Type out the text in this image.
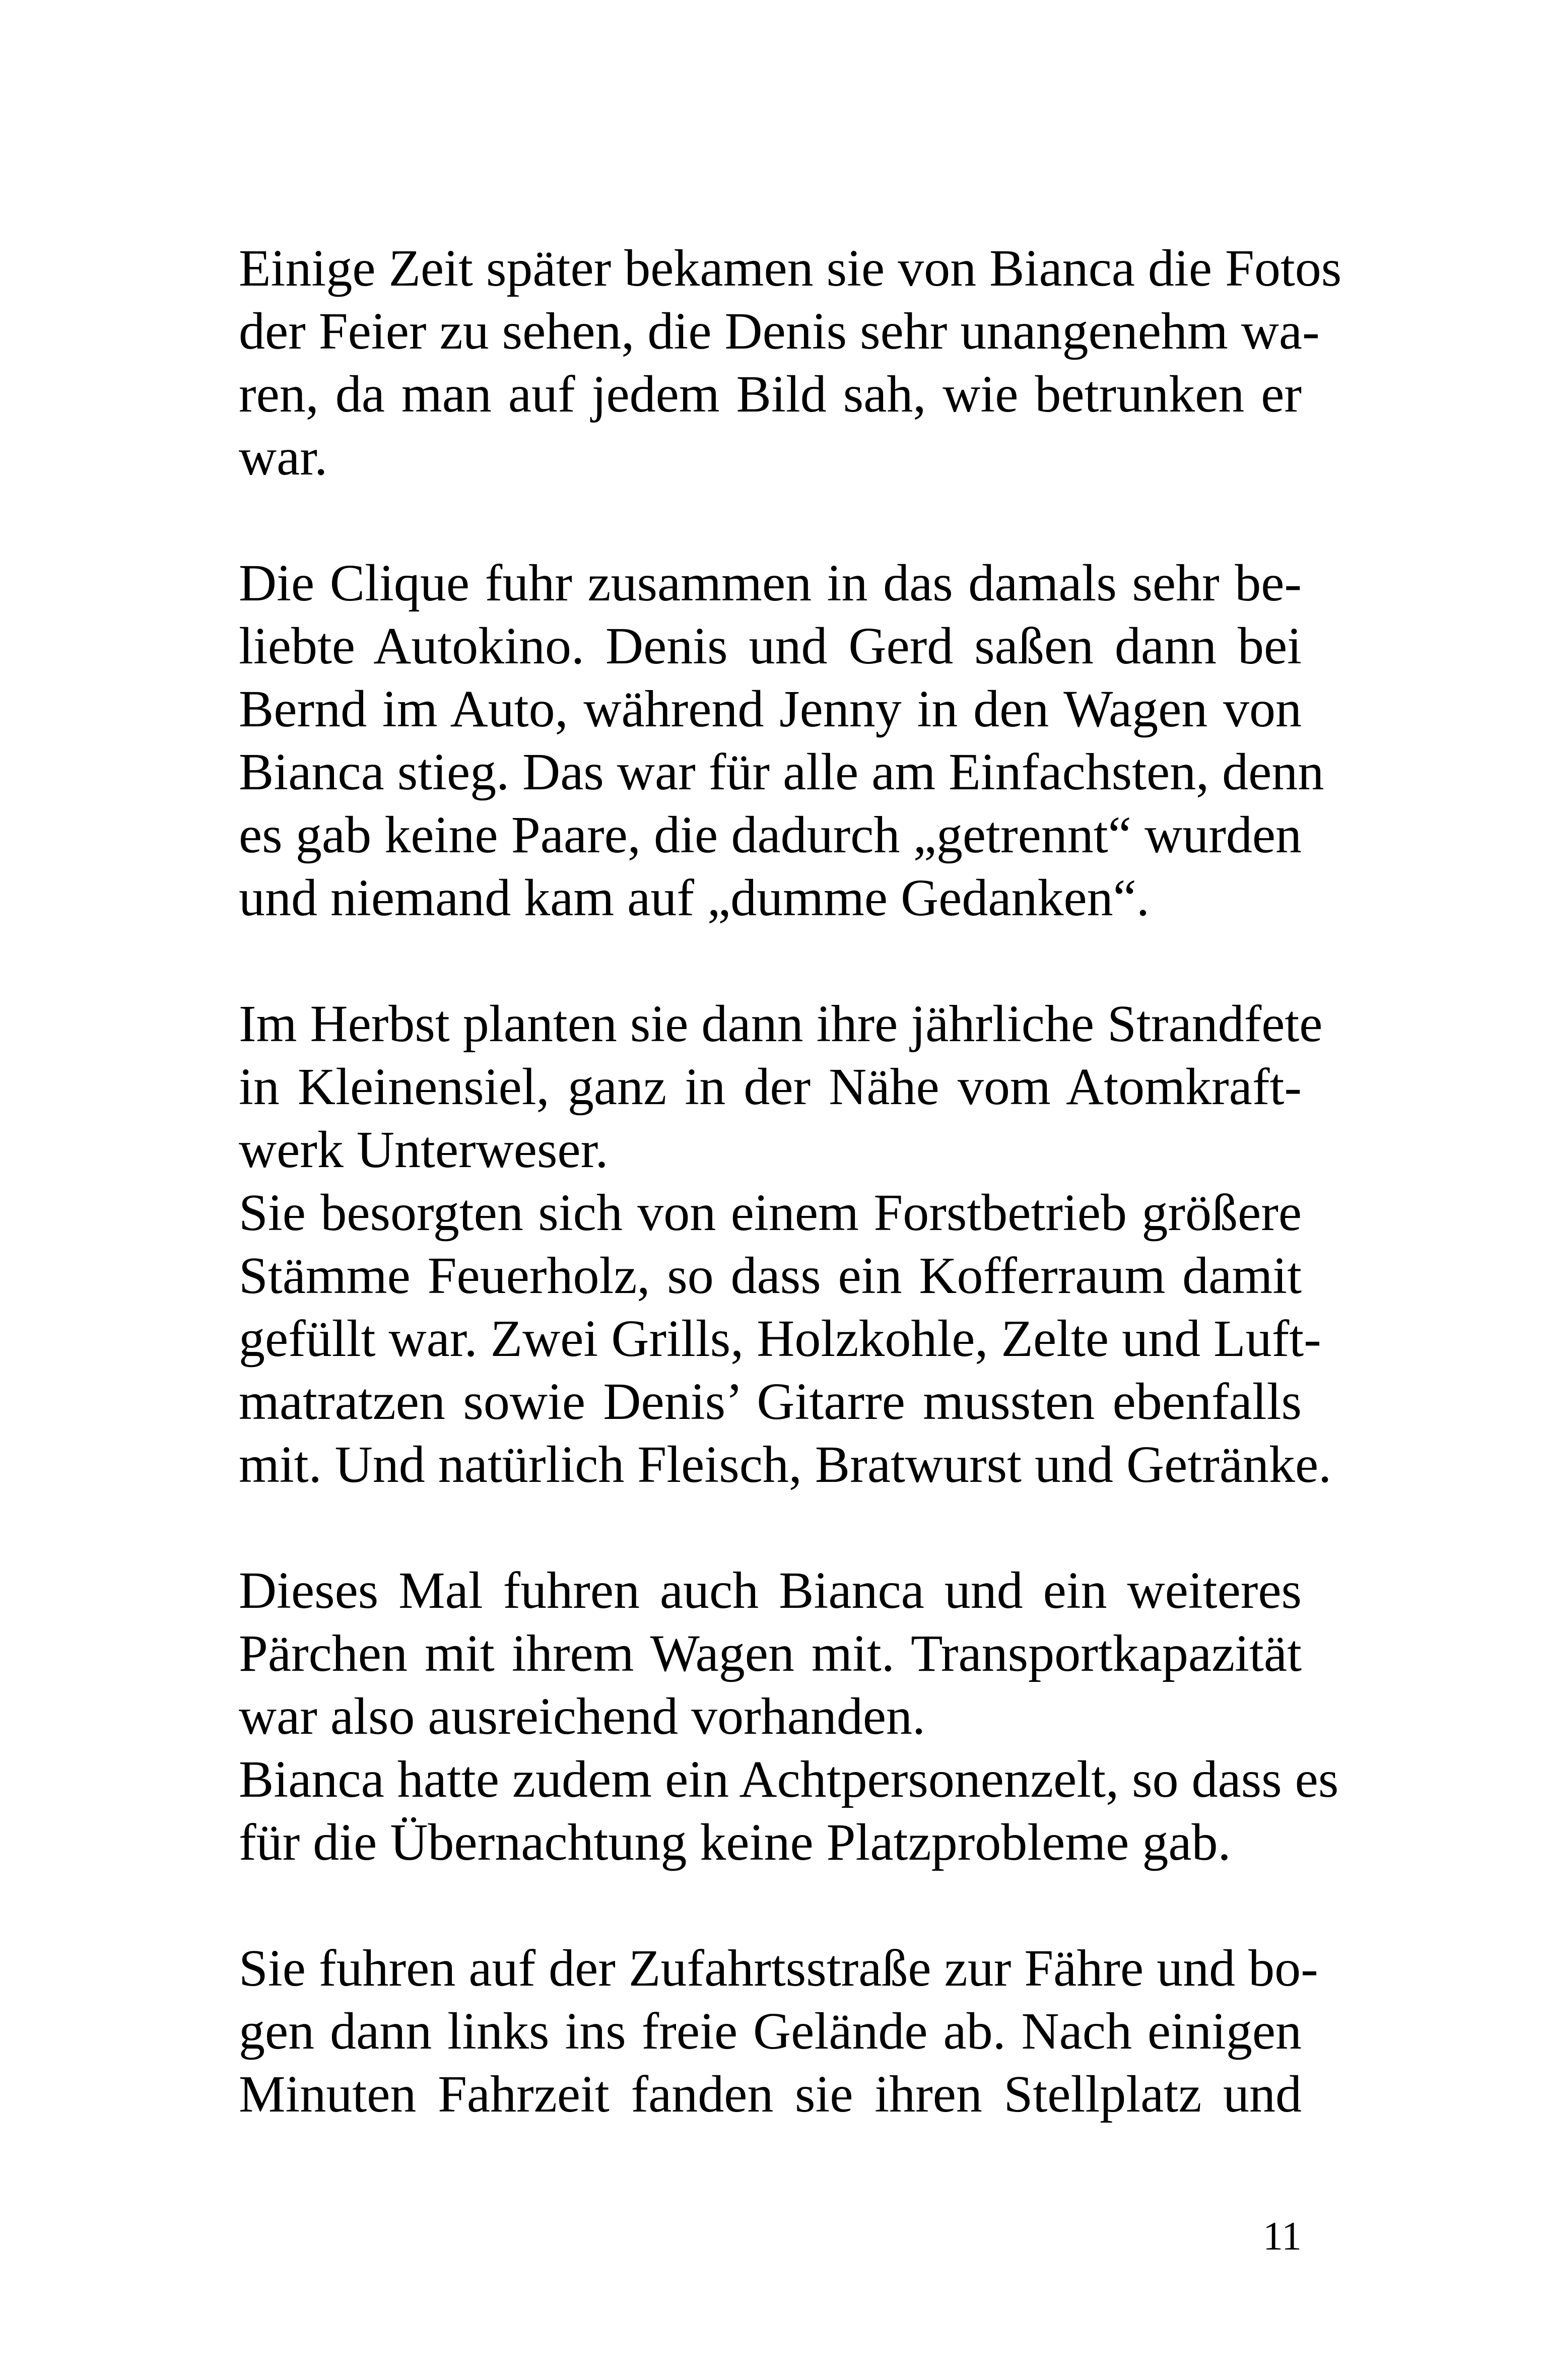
Einige Zeit später bekamen sie von Bianca die Fotos
der Feier zu sehen, die Denis sehr unangenehm wa-
ren, da man auf jedem Bild sah, wie betrunken er
war.
Die Clique fuhr zusammen in das damals sehr be-
liebte Autokino. Denis und Gerd saßen dann bei
Bernd im Auto, während Jenny in den Wagen von
Bianca stieg. Das war für alle am Einfachsten, denn
es gab keine Paare, die dadurch „getrennt“ wurden
und niemand kam auf „dumme Gedanken“.
Im Herbst planten sie dann ihre jährliche Strandfete
in Kleinensiel, ganz in der Nähe vom Atomkraft-
werk Unterweser.
Sie besorgten sich von einem Forstbetrieb größere
Stämme Feuerholz, so dass ein Kofferraum damit
gefüllt war. Zwei Grills, Holzkohle, Zelte und Luft-
matratzen sowie Denis’ Gitarre mussten ebenfalls
mit. Und natürlich Fleisch, Bratwurst und Getränke.
Dieses Mal fuhren auch Bianca und ein weiteres
Pärchen mit ihrem Wagen mit. Transportkapazität
war also ausreichend vorhanden.
Bianca hatte zudem ein Achtpersonenzelt, so dass es
für die Übernachtung keine Platzprobleme gab.
Sie fuhren auf der Zufahrtsstraße zur Fähre und bo-
gen dann links ins freie Gelände ab. Nach einigen
Minuten Fahrzeit fanden sie ihren Stellplatz und
11
